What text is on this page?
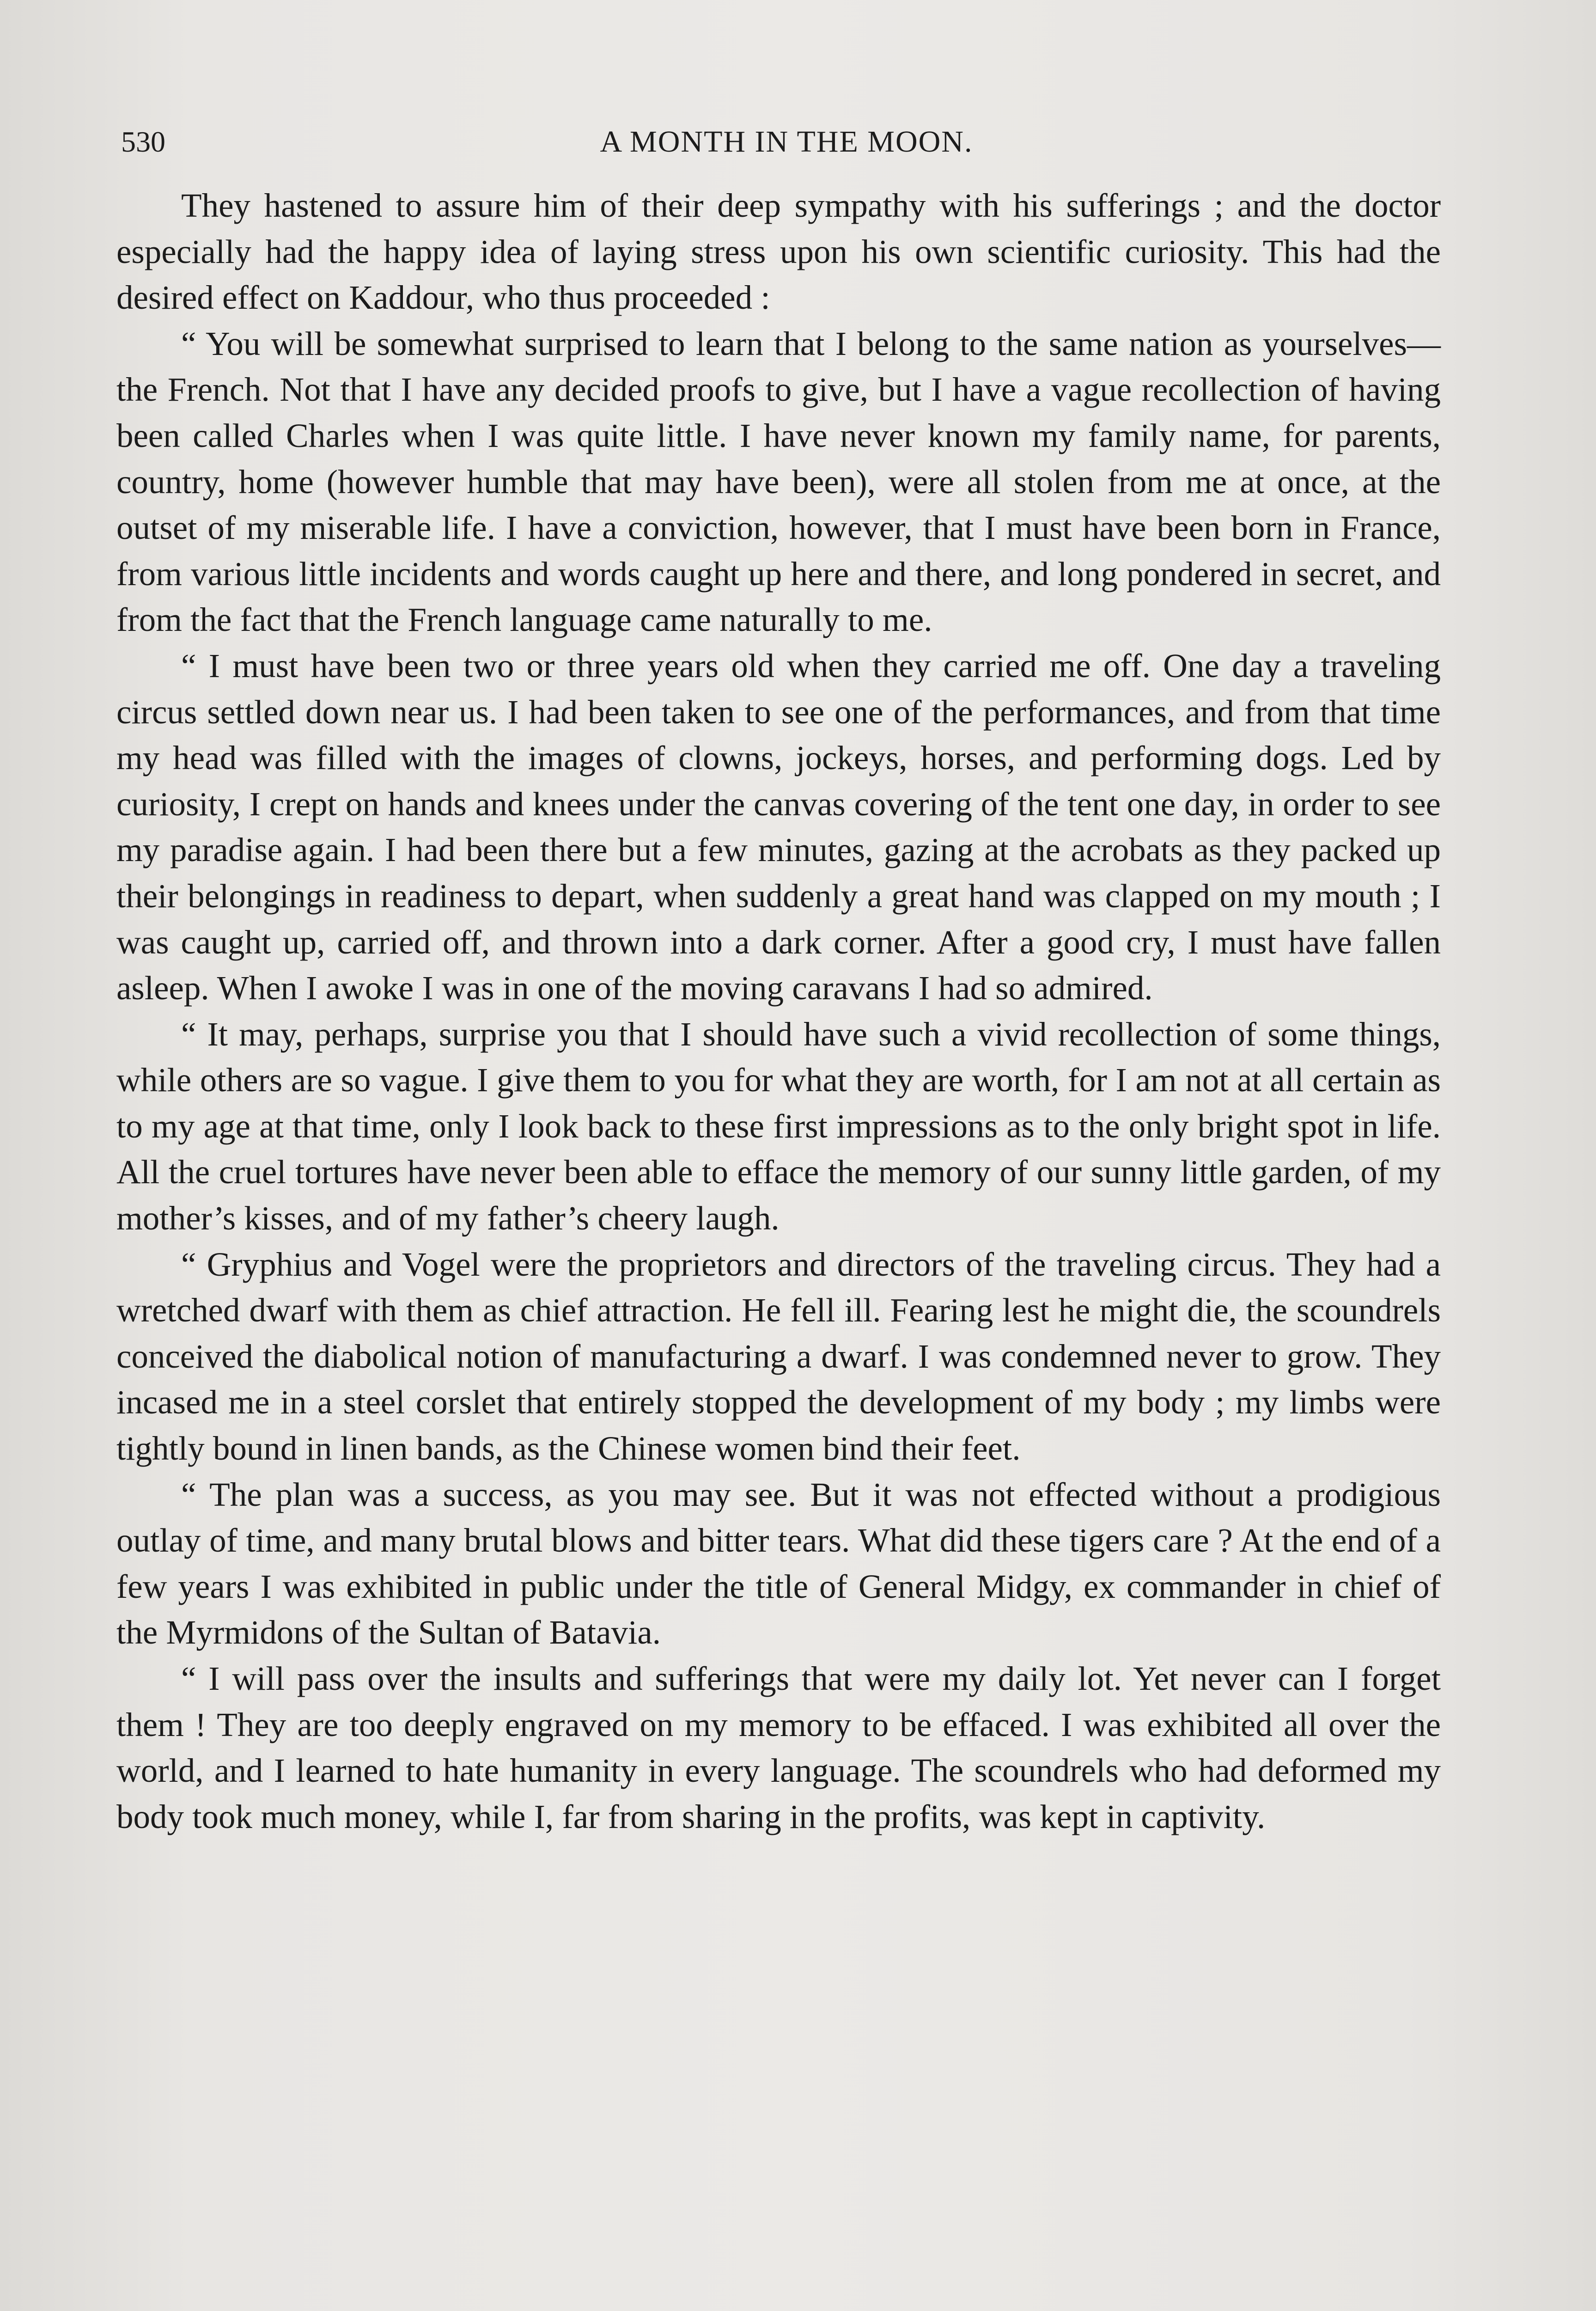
530	A MONTH IN THE MOON.

They hastened to assure him of their deep sympathy with his sufferings ; and the doctor especially had the happy idea of laying stress upon his own scientific curiosity. This had the desired effect on Kaddour, who thus proceeded :

“ You will be somewhat surprised to learn that I belong to the same nation as yourselves—the French. Not that I have any decided proofs to give, but I have a vague recollection of having been called Charles when I was quite little. I have never known my family name, for parents, country, home (however humble that may have been), were all stolen from me at once, at the outset of my miserable life. I have a conviction, however, that I must have been born in France, from various little incidents and words caught up here and there, and long pondered in secret, and from the fact that the French language came naturally to me.

“ I must have been two or three years old when they carried me off. One day a traveling circus settled down near us. I had been taken to see one of the performances, and from that time my head was filled with the images of clowns, jockeys, horses, and performing dogs. Led by curiosity, I crept on hands and knees under the canvas covering of the tent one day, in order to see my paradise again. I had been there but a few minutes, gazing at the acrobats as they packed up their belongings in readiness to depart, when suddenly a great hand was clapped on my mouth ; I was caught up, carried off, and thrown into a dark corner. After a good cry, I must have fallen asleep. When I awoke I was in one of the moving caravans I had so admired.

“ It may, perhaps, surprise you that I should have such a vivid recollection of some things, while others are so vague. I give them to you for what they are worth, for I am not at all certain as to my age at that time, only I look back to these first impressions as to the only bright spot in life. All the cruel tortures have never been able to efface the memory of our sunny little garden, of my mother’s kisses, and of my father’s cheery laugh.

“ Gryphius and Vogel were the proprietors and directors of the traveling circus. They had a wretched dwarf with them as chief attraction. He fell ill. Fearing lest he might die, the scoundrels conceived the diabolical notion of manufacturing a dwarf. I was condemned never to grow. They incased me in a steel corslet that entirely stopped the development of my body ; my limbs were tightly bound in linen bands, as the Chinese women bind their feet.

“ The plan was a success, as you may see. But it was not effected without a prodigious outlay of time, and many brutal blows and bitter tears. What did these tigers care ? At the end of a few years I was exhibited in public under the title of General Midgy, ex commander in chief of the Myrmidons of the Sultan of Batavia.

“ I will pass over the insults and sufferings that were my daily lot. Yet never can I forget them ! They are too deeply engraved on my memory to be effaced. I was exhibited all over the world, and I learned to hate humanity in every language. The scoundrels who had deformed my body took much money, while I, far from sharing in the profits, was kept in captivity.
